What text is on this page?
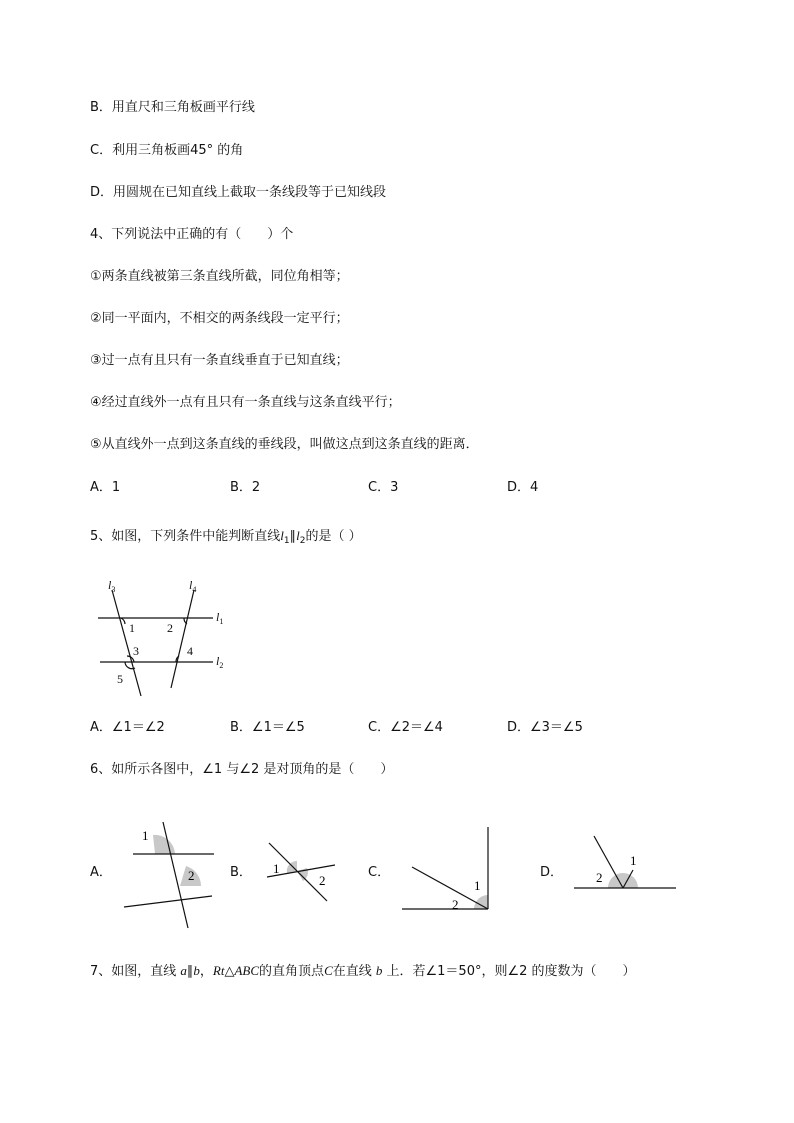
B．用直尺和三角板画平行线
C．利用三角板画45° 的角
D．用圆规在已知直线上截取一条线段等于已知线段
4、下列说法中正确的有（　　）个
①两条直线被第三条直线所截，同位角相等；
②同一平面内，不相交的两条线段一定平行；
③过一点有且只有一条直线垂直于已知直线；
④经过直线外一点有且只有一条直线与这条直线平行；
⑤从直线外一点到这条直线的垂线段，叫做这点到这条直线的距离．
A．1	B．2	C．3	D．4
5、如图，下列条件中能判断直线$l_1\parallel l_2$的是（ ）
$l_3$	$l_4$
$l_1$
$l_2$
1	2
3	4
5
A．∠1＝∠2	B．∠1＝∠5	C．∠2＝∠4	D．∠3＝∠5
6、如所示各图中，∠1 与∠2 是对顶角的是（　　）
A．
1
2	B． 1
2
C．
1
2
D．
1
2
7、如图，直线 a∥b，Rt△ABC的直角顶点C在直线 b 上．若∠1＝50°，则∠2 的度数为（　　）
